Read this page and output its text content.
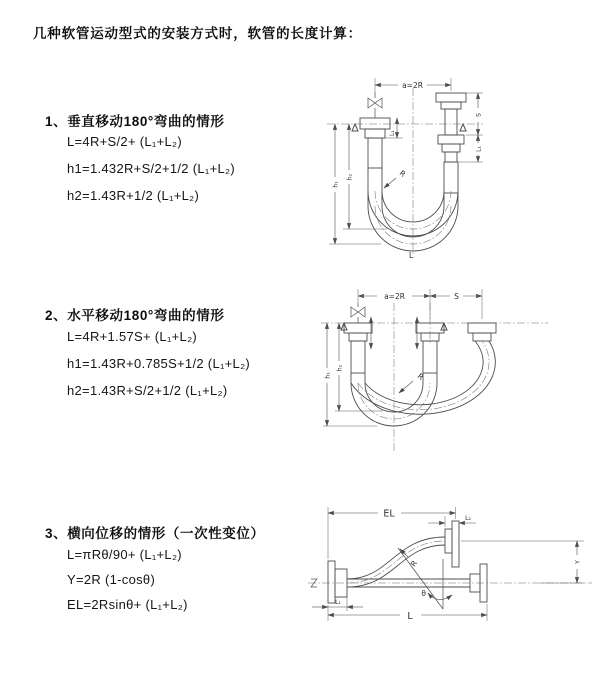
几种软管运动型式的安装方式时，软管的长度计算：
1、垂直移动180°弯曲的情形
L=4R+S/2+ (L₁+L₂)
h1=1.432R+S/2+1/2 (L₁+L₂)
h2=1.43R+1/2 (L₁+L₂)
2、水平移动180°弯曲的情形
L=4R+1.57S+ (L₁+L₂)
h1=1.43R+0.785S+1/2 (L₁+L₂)
h2=1.43R+S/2+1/2 (L₁+L₂)
3、横向位移的情形（一次性变位）
L=πRθ/90+ (L₁+L₂)
Y=2R (1-cosθ)
EL=2Rsinθ+ (L₁+L₂)
a=2R
L₁
S
L₁
h₁
h₂	R
L
a=2R	S
h₁
h₂
R
EL	L₂
Y
θ
R
L₁
L
